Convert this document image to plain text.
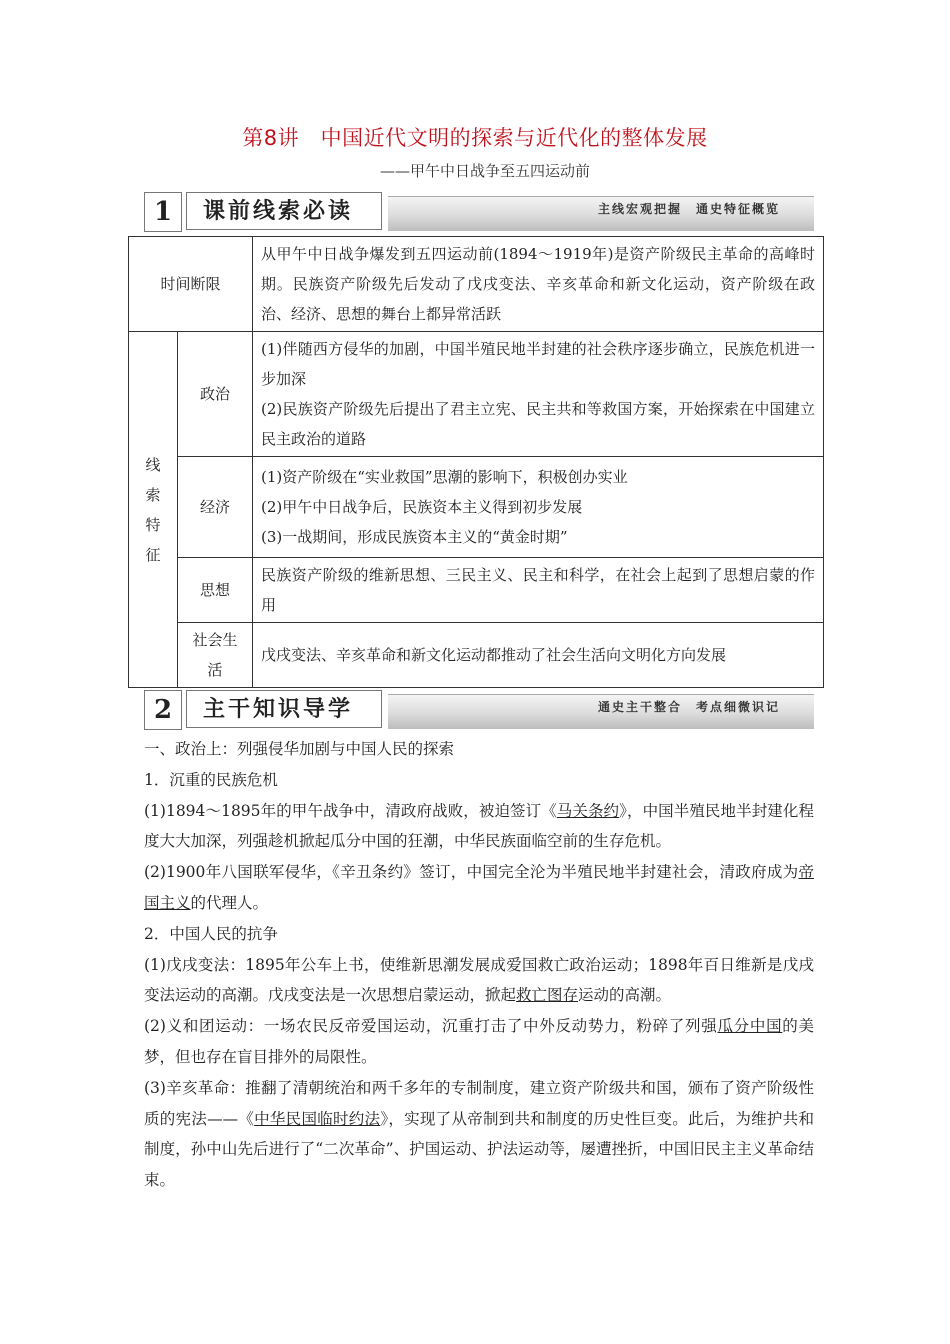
第8讲　中国近代文明的探索与近代化的整体发展
——甲午中日战争至五四运动前
1	课前线索必读	主线宏观把握　通史特征概览
时间断限		从甲午中日战争爆发到五四运动前(1894～1919年)是资产阶级民主革命的高峰时期。民族资产阶级先后发动了戊戌变法、辛亥革命和新文化运动，资产阶级在政治、经济、思想的舞台上都异常活跃
线索特征	政治	(1)伴随西方侵华的加剧，中国半殖民地半封建的社会秩序逐步确立，民族危机进一步加深
(2)民族资产阶级先后提出了君主立宪、民主共和等救国方案，开始探索在中国建立民主政治的道路

	经济	(1)资产阶级在“实业救国”思潮的影响下，积极创办实业
(2)甲午中日战争后，民族资本主义得到初步发展
(3)一战期间，形成民族资本主义的“黄金时期”

	思想	民族资产阶级的维新思想、三民主义、民主和科学，在社会上起到了思想启蒙的作用

	社会生活	戊戌变法、辛亥革命和新文化运动都推动了社会生活向文明化方向发展
2	主干知识导学	通史主干整合　考点细微识记

一、政治上：列强侵华加剧与中国人民的探索

1．沉重的民族危机

(1)1894～1895年的甲午战争中，清政府战败，被迫签订《马关条约》，中国半殖民地半封建化程度大大加深，列强趁机掀起瓜分中国的狂潮，中华民族面临空前的生存危机。

(2)1900年八国联军侵华，《辛丑条约》签订，中国完全沦为半殖民地半封建社会，清政府成为帝国主义的代理人。

2．中国人民的抗争

(1)戊戌变法：1895年公车上书，使维新思潮发展成爱国救亡政治运动；1898年百日维新是戊戌变法运动的高潮。戊戌变法是一次思想启蒙运动，掀起救亡图存运动的高潮。

(2)义和团运动：一场农民反帝爱国运动，沉重打击了中外反动势力，粉碎了列强瓜分中国的美梦，但也存在盲目排外的局限性。

(3)辛亥革命：推翻了清朝统治和两千多年的专制制度，建立资产阶级共和国，颁布了资产阶级性质的宪法——《中华民国临时约法》，实现了从帝制到共和制度的历史性巨变。此后，为维护共和制度，孙中山先后进行了“二次革命”、护国运动、护法运动等，屡遭挫折，中国旧民主主义革命结束。
